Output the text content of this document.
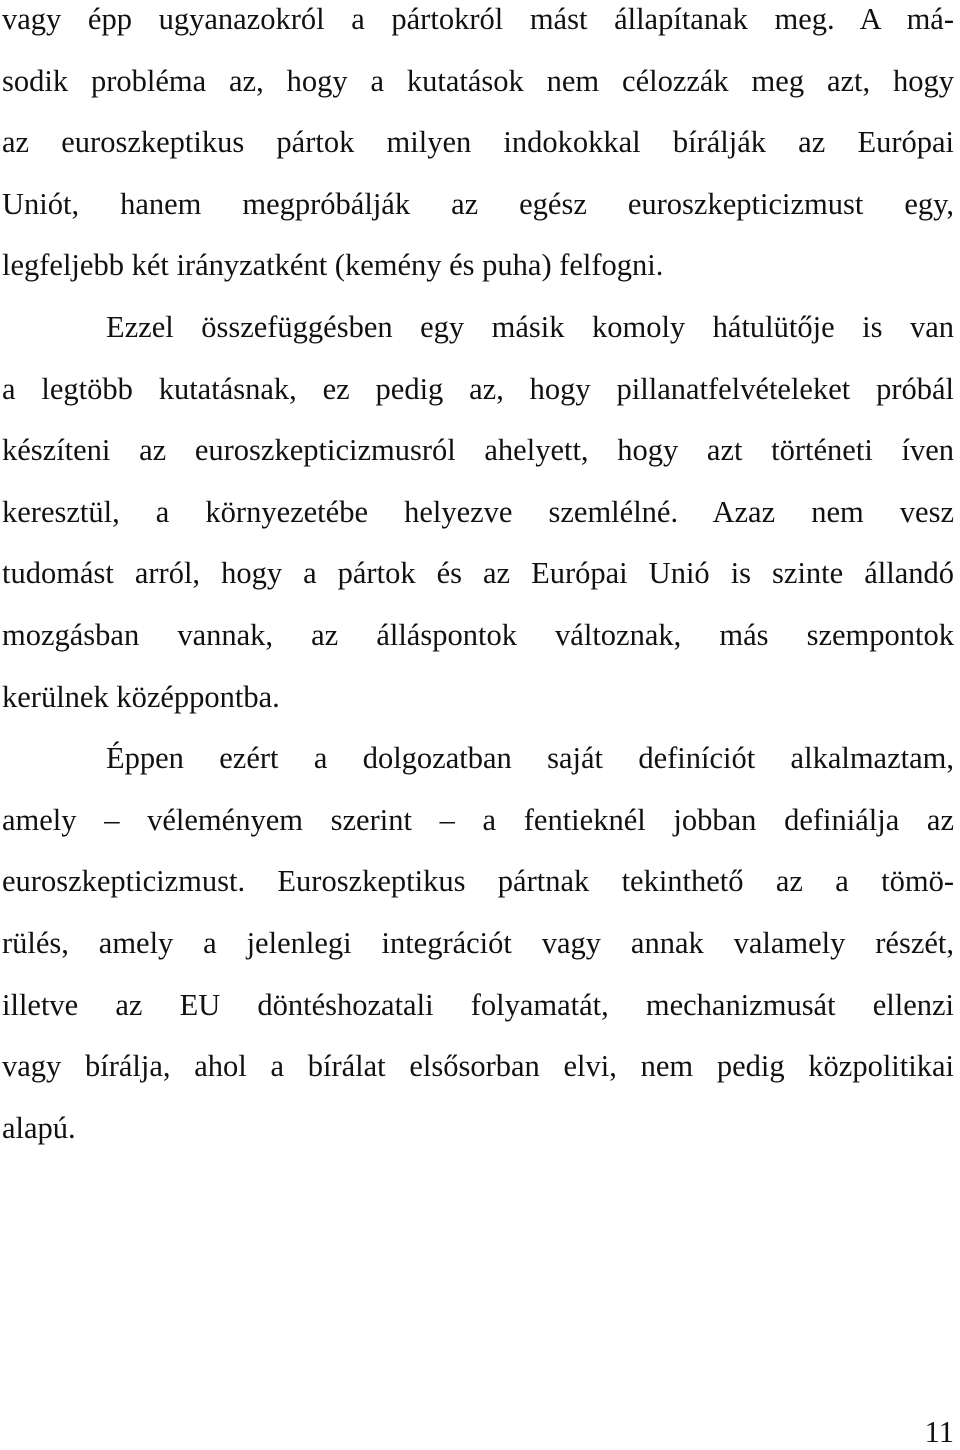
vagy épp ugyanazokról a pártokról mást állapítanak meg. A má-
sodik probléma az, hogy a kutatások nem célozzák meg azt, hogy
az euroszkeptikus pártok milyen indokokkal bírálják az Európai
Uniót, hanem megpróbálják az egész euroszkepticizmust egy,
legfeljebb két irányzatként (kemény és puha) felfogni.

Ezzel összefüggésben egy másik komoly hátulütője is van
a legtöbb kutatásnak, ez pedig az, hogy pillanatfelvételeket próbál
készíteni az euroszkepticizmusról ahelyett, hogy azt történeti íven
keresztül, a környezetébe helyezve szemlélné. Azaz nem vesz
tudomást arról, hogy a pártok és az Európai Unió is szinte állandó
mozgásban vannak, az álláspontok változnak, más szempontok
kerülnek középpontba.

Éppen ezért a dolgozatban saját definíciót alkalmaztam,
amely – véleményem szerint – a fentieknél jobban definiálja az
euroszkepticizmust. Euroszkeptikus pártnak tekinthető az a tömö-
rülés, amely a jelenlegi integrációt vagy annak valamely részét,
illetve az EU döntéshozatali folyamatát, mechanizmusát ellenzi
vagy bírálja, ahol a bírálat elsősorban elvi, nem pedig közpolitikai
alapú.

11
